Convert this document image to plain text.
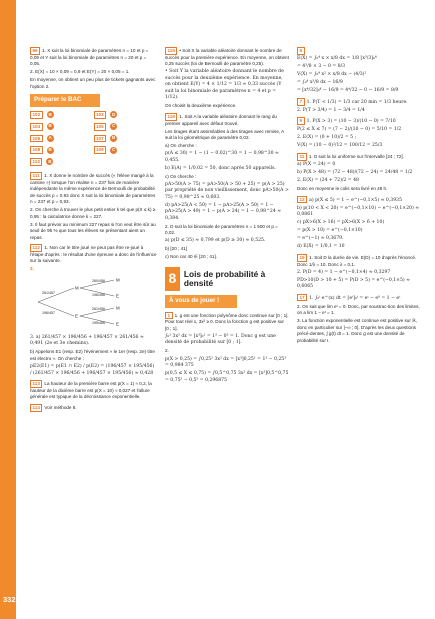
332

96 1. X suit la loi binomiale de paramètres n = 10 et p = 0,09 et Y suit la loi binomiale de paramètres n = 20 et p = 0,05.

2. E(X) = 10 × 0,09 = 0,9 et E(Y) = 20 × 0,05 = 1.

En moyenne, on obtient un peu plus de tickets gagnants avec l'option 2.

Préparer le BAC
102	B	103	D
104	B	105	C
106	A	107	B
108	B	109	C
110	B

111 1. X donne le nombre de succès (« l'élève mangé à la cantine ») lorsque l'on réalise n = 237 fois de manière indépendante la même expérience de Bernoulli de probabilité de succès p = 0,93 donc X suit la loi binomiale de paramètres n = 237 et p = 0,93.

2. On cherche à trouver le plus petit entier k tel que p(X ≤ k) ≥ 0,95 : la calculatrice donne k = 227.

3. Il faut prévoir au minimum 227 repas si l'on veut être sûr au seuil de 95 % que tous les élèves se présentant aient un repas.

112 1. Non car le titre joué ne peut pas être re-joué à l'étape d'après : le résultat d'une épreuve a donc de l'influence sur la suivante.

2.

M
E
M
E
M
E
261/457
196/457
260/456
196/456
261/456
195/456

3. a) 261/457 × 196/456 + 196/457 × 261/456 ≈ 0,491 (2e et 3e chemins).

b) Appelons E1 (resp. E2) l'événement « le 1er (resp. 2e) titre est électro ». On cherche :

pE2(E1) = p(E1 ∩ E2) / p(E2) = (196/457 × 195/456) / (261/457 × 196/456 + 196/457 × 195/456) ≈ 0,428

113 La hauteur de la première barre est p(X = 1) ≈ 0,2, la hauteur de la dixième barre est p(X = 10) ≈ 0,027 et l'allure générale est typique de la décroissance exponentielle.

114 Voir méthode 8.

115 • Soit X la variable aléatoire donnant le nombre de succès pour la première expérience. En moyenne, on obtient 0,25 succès (loi de Bernoulli de paramètre 0,25).

• Soit Y la variable aléatoire donnant le nombre de succès pour la deuxième expérience. En moyenne, on obtient E(Y) = 4 × 1/12 = 1/3 ≈ 0,33 succès (Y suit la loi binomiale de paramètres n = 4 et p = 1/12).

On choisit la deuxième expérience.

116 1. Soit A la variable aléatoire donnant le rang du premier appareil avec défaut trouvé.

Les tirages étant assimilables à des tirages avec remise, A suit la loi géométrique de paramètre 0,02.

a) On cherche :

p(A ≤ 30) = 1 − (1 − 0,02)^30 = 1 − 0,98^30 ≈ 0,455.

b) E(A) = 1/0,02 = 50, donc après 50 appareils.

c) On cherche :

pA>50(A > 75) = pA>50(A > 50 + 25) = p(A > 25) par propriété de non vieillissement, donc pA>50(A > 75) = 0,98^25 ≈ 0,603.

d) pA>25(A < 50) = 1 − pA>25(A > 50) = 1 − pA>25(A > 49) = 1 − p(A > 24) = 1 − 0,98^24 ≈ 0,384.

2. D suit la loi binomiale de paramètres n = 1 500 et p = 0,02.

a) p(D ≤ 35) ≈ 0,799 et p(D ≥ 30) ≈ 0,525.

b) [20 ; 41]

c) Non car 40 ∈ [20 ; 41].

8 Lois de probabilité à densité
À vous de jouer !

1 1. g est une fonction polynôme donc continue sur [0 ; 1]. Pour tout réel x, 3x² ≥ 0. Donc la fonction g est positive sur [0 ; 1].

∫₀¹ 3x² dx = [x³]₀¹ = 1³ − 0³ = 1. Donc g est une densité de probabilité sur [0 ; 1].

2.

p(X > 0,25) = ∫0,25¹ 3x² dx = [x³]0,25¹ = 1³ − 0,25³ = 0,984 375

p(0,5 ≤ X ≤ 0,75) = ∫0,5^0,75 3x² dx = [x³]0,5^0,75 = 0,75³ − 0,5³ = 0,296875

5

E(X) = ∫₀⁴ x × x/8 dx = 1/8 [x³/3]₀⁴

= 4³/8 × 3 − 0 = 8/3

V(X) = ∫₀⁴ x² × x/8 dx − (4/3)²

= ∫₀⁴ x³/8 dx − 16/9

= [x⁴/32]₀⁴ − 16/9 = 4⁴/32 − 0 − 16/9 = 8/9

7 1. P(T < 1/3) = 1/3 car 20 min = 1/3 heure.

2. P(T > 3/4) = 1 − 3/4 = 1/4

9 1. P(X > 3) = (10 − 3)/(10 − 0) = 7/10

P(2 ≤ X ≤ 7) = (7 − 2)/(10 − 0) = 5/10 = 1/2

2. E(X) = (0 + 10)/2 = 5 ;

V(X) = (10 − 0)²/12 = 100/12 = 25/3

11 1. D suit la loi uniforme sur l'intervalle [24 ; 72].

a) P(X = 24) = 0

b) P(X > 48) = (72 − 48)/(72 − 24) = 24/48 = 1/2

2. E(X) = (24 + 72)/2 = 48

Donc en moyenne le colis sera livré en 48 h.

13 a) p(X ≤ 5) = 1 − e^(−0,1×5) ≈ 0,3935

b) p(10 < X < 20) = e^(−0,1×10) − e^(−0,1×20) ≈ 0,0861

c) pX>6(X > 16) = pX>6(X > 6 + 10)

= p(X > 10) = e^(−0,1×10)

= e^(−1) ≈ 0,3679.

d) E(X) = 1/0,1 = 10

15 1. Soit D la durée de vie. E(D) = 10 d'après l'énoncé. Donc 1/λ = 10. Donc λ = 0,1.

2. P(D = 4) = 1 − e^(−0,1×4) ≈ 0,3297

PD>10(D > 10 + 5) = P(D > 5) = e^(−0,1×5) ≈ 0,6065

17 1. ∫₀ᵗ e^(x) dt = [eᵗ]₀ᵗ = eᵗ − e⁰ = 1 − eᵗ

2. On sait que lim eᵗ = 0. Donc, par soustrac-tion des limites, on a lim 1 − eᵗ = 1.

3. La fonction exponentielle est continue est positive sur ℝ, donc en particulier sur ]−∞ ; 0]. D'après les deux questions précé-dentes, ∫ g(t) dt = 1. Donc g est une densité de probabilité sur I.
